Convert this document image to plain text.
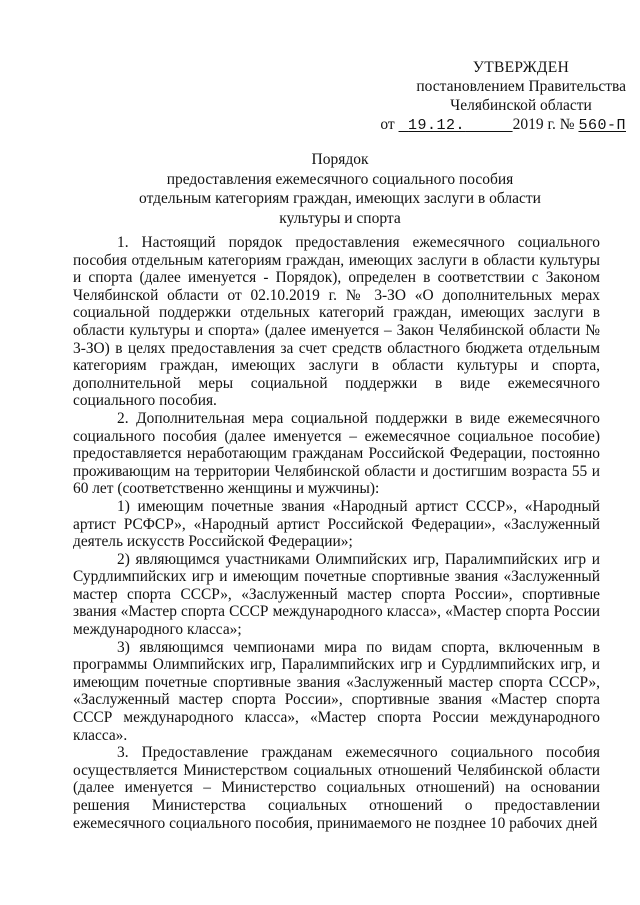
УТВЕРЖДЕН
постановлением Правительства
Челябинской области
от 19.12.	2019 г. № 560-П
Порядок
предоставления ежемесячного социального пособия
отдельным категориям граждан, имеющих заслуги в области
культуры и спорта

1. Настоящий порядок предоставления ежемесячного социального пособия отдельным категориям граждан, имеющих заслуги в области культуры и спорта (далее именуется - Порядок), определен в соответствии с Законом Челябинской области от 02.10.2019 г. № 3-ЗО «О дополнительных мерах социальной поддержки отдельных категорий граждан, имеющих заслуги в области культуры и спорта» (далее именуется – Закон Челябинской области № 3-ЗО) в целях предоставления за счет средств областного бюджета отдельным категориям граждан, имеющих заслуги в области культуры и спорта, дополнительной меры социальной поддержки в виде ежемесячного социального пособия.

2. Дополнительная мера социальной поддержки в виде ежемесячного социального пособия (далее именуется – ежемесячное социальное пособие) предоставляется неработающим гражданам Российской Федерации, постоянно проживающим на территории Челябинской области и достигшим возраста 55 и 60 лет (соответственно женщины и мужчины):

1) имеющим почетные звания «Народный артист СССР», «Народный артист РСФСР», «Народный артист Российской Федерации», «Заслуженный деятель искусств Российской Федерации»;

2) являющимся участниками Олимпийских игр, Паралимпийских игр и Сурдлимпийских игр и имеющим почетные спортивные звания «Заслуженный мастер спорта СССР», «Заслуженный мастер спорта России», спортивные звания «Мастер спорта СССР международного класса», «Мастер спорта России международного класса»;

3) являющимся чемпионами мира по видам спорта, включенным в программы Олимпийских игр, Паралимпийских игр и Сурдлимпийских игр, и имеющим почетные спортивные звания «Заслуженный мастер спорта СССР», «Заслуженный мастер спорта России», спортивные звания «Мастер спорта СССР международного класса», «Мастер спорта России международного класса».

3. Предоставление гражданам ежемесячного социального пособия осуществляется Министерством социальных отношений Челябинской области (далее именуется – Министерство социальных отношений) на основании решения Министерства социальных отношений о предоставлении ежемесячного социального пособия, принимаемого не позднее 10 рабочих дней
